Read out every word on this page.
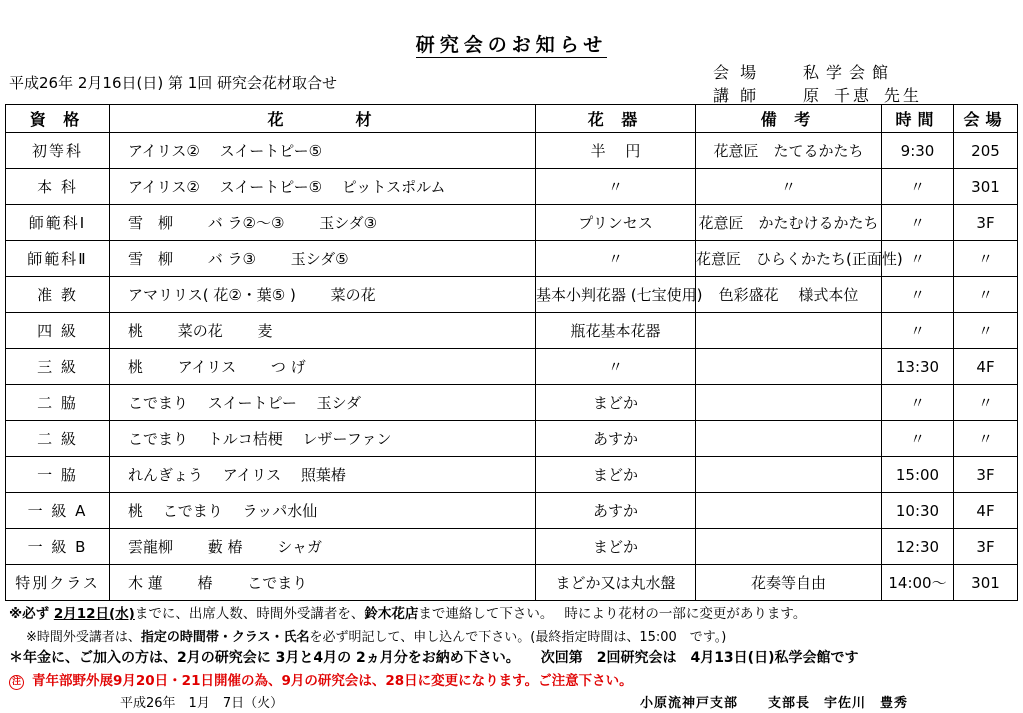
研究会のお知らせ
平成26年 2月16日(日) 第 1回 研究会花材取合せ
会 場	私学会館
講 師	原 千恵 先生
資 格	花　　　材	花 器	備 考	時間	会場
初等科	アイリス②　 スイートピー⑤	半　 円	花意匠　たてるかたち	9:30	205
本 科	アイリス②　 スイートピー⑤　 ピットスポルム	〃	〃	〃	301
師範科Ⅰ	雪　柳　　 バ ラ②～③　　 玉シダ③	プリンセス	花意匠　かたむけるかたち	〃	3F
師範科Ⅱ	雪　柳　　 バ ラ③　　 玉シダ⑤	〃	花意匠　ひらくかたち(正面性)	〃	〃
准 教	アマリリス( 花②・葉⑤ )　　 菜の花	基本小判花器 (七宝使用)	色彩盛花　 様式本位	〃	〃
四 級	桃　　 菜の花　　 麦	瓶花基本花器		〃	〃
三 級	桃　　 アイリス　　 つ げ	〃		13:30	4F
二 脇	こでまり　 スイートピー　 玉シダ	まどか		〃	〃
二 級	こでまり　 トルコ桔梗　 レザーファン	あすか		〃	〃
一 脇	れんぎょう　 アイリス　 照葉椿	まどか		15:00	3F
一 級 A	桃　 こでまり　 ラッパ水仙	あすか		10:30	4F
一 級 B	雲龍柳　　 藪 椿　　 シャガ	まどか		12:30	3F
特別クラス	木 蓮　　 椿　　 こでまり	まどか又は丸水盤	花奏等自由	14:00～	301
※必ず 2月12日(水)までに、出席人数、時間外受講者を、鈴木花店まで連絡して下さい。　 時により花材の一部に変更があります。
※時間外受講者は、指定の時間帯・クラス・氏名を必ず明記して、申し込んで下さい。(最終指定時間は、15:00　です。)
＊年金に、ご加入の方は、2月の研究会に 3月と4月の 2ヵ月分をお納め下さい。　　次回第　2回研究会は　4月13日(日)私学会館です
注 青年部野外展9月20日・21日開催の為、9月の研究会は、28日に変更になります。ご注意下さい。
平成26年　1月　7日（火）	小原流神戸支部 支部長　宇佐川　豊秀
